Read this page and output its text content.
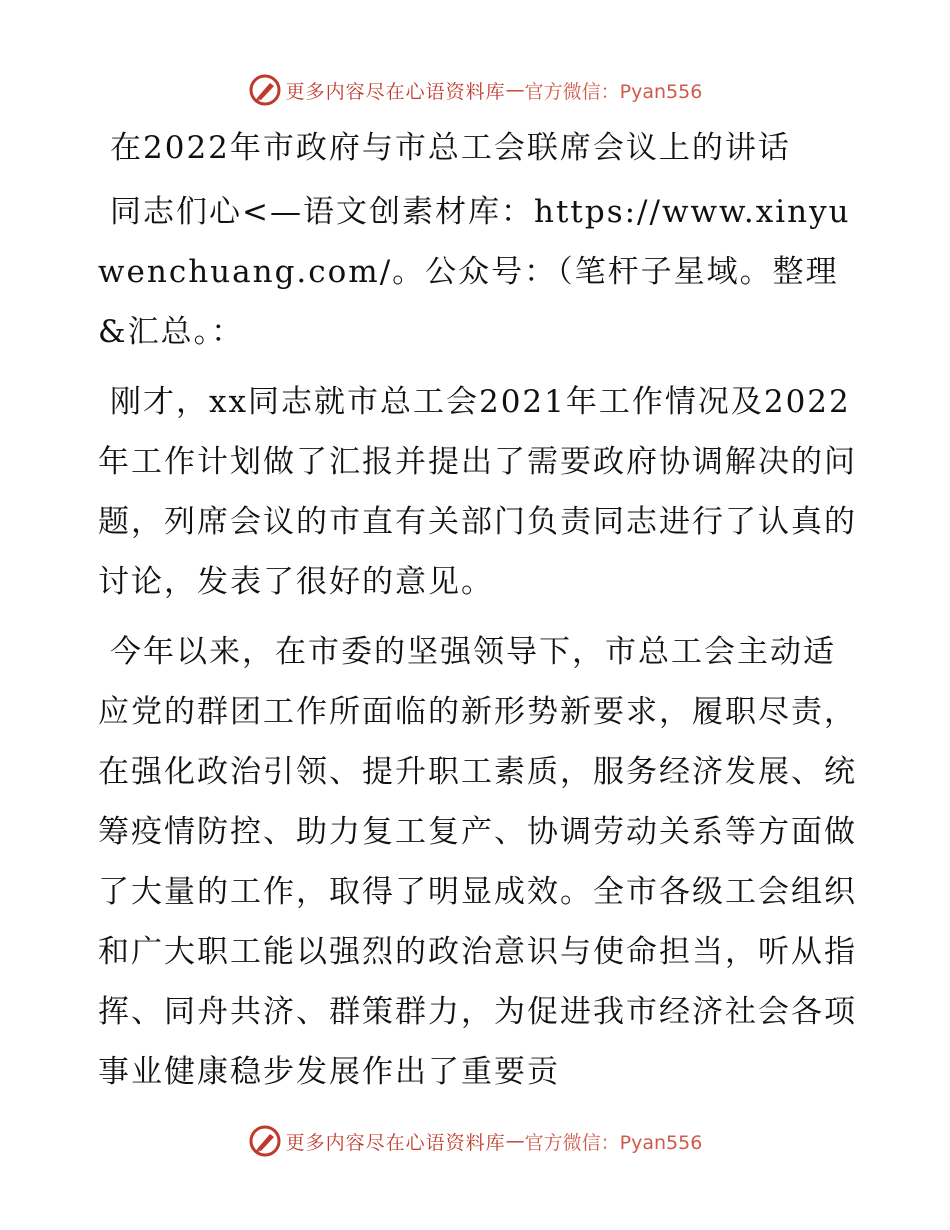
更多内容尽在心语资料库 — 官方微信：Pyan556
在2022年市政府与市总工会联席会议上的讲话

同志们心<—语文创素材库：https://www.xinyuwenchuang.com/。公众号：（笔杆子星域。整理&汇总。：

刚才，xx同志就市总工会2021年工作情况及2022年工作计划做了汇报并提出了需要政府协调解决的问题，列席会议的市直有关部门负责同志进行了认真的讨论，发表了很好的意见。

今年以来，在市委的坚强领导下，市总工会主动适应党的群团工作所面临的新形势新要求，履职尽责，在强化政治引领、提升职工素质，服务经济发展、统筹疫情防控、助力复工复产、协调劳动关系等方面做了大量的工作，取得了明显成效。全市各级工会组织和广大职工能以强烈的政治意识与使命担当，听从指挥、同舟共济、群策群力，为促进我市经济社会各项事业健康稳步发展作出了重要贡

更多内容尽在心语资料库 — 官方微信：Pyan556
